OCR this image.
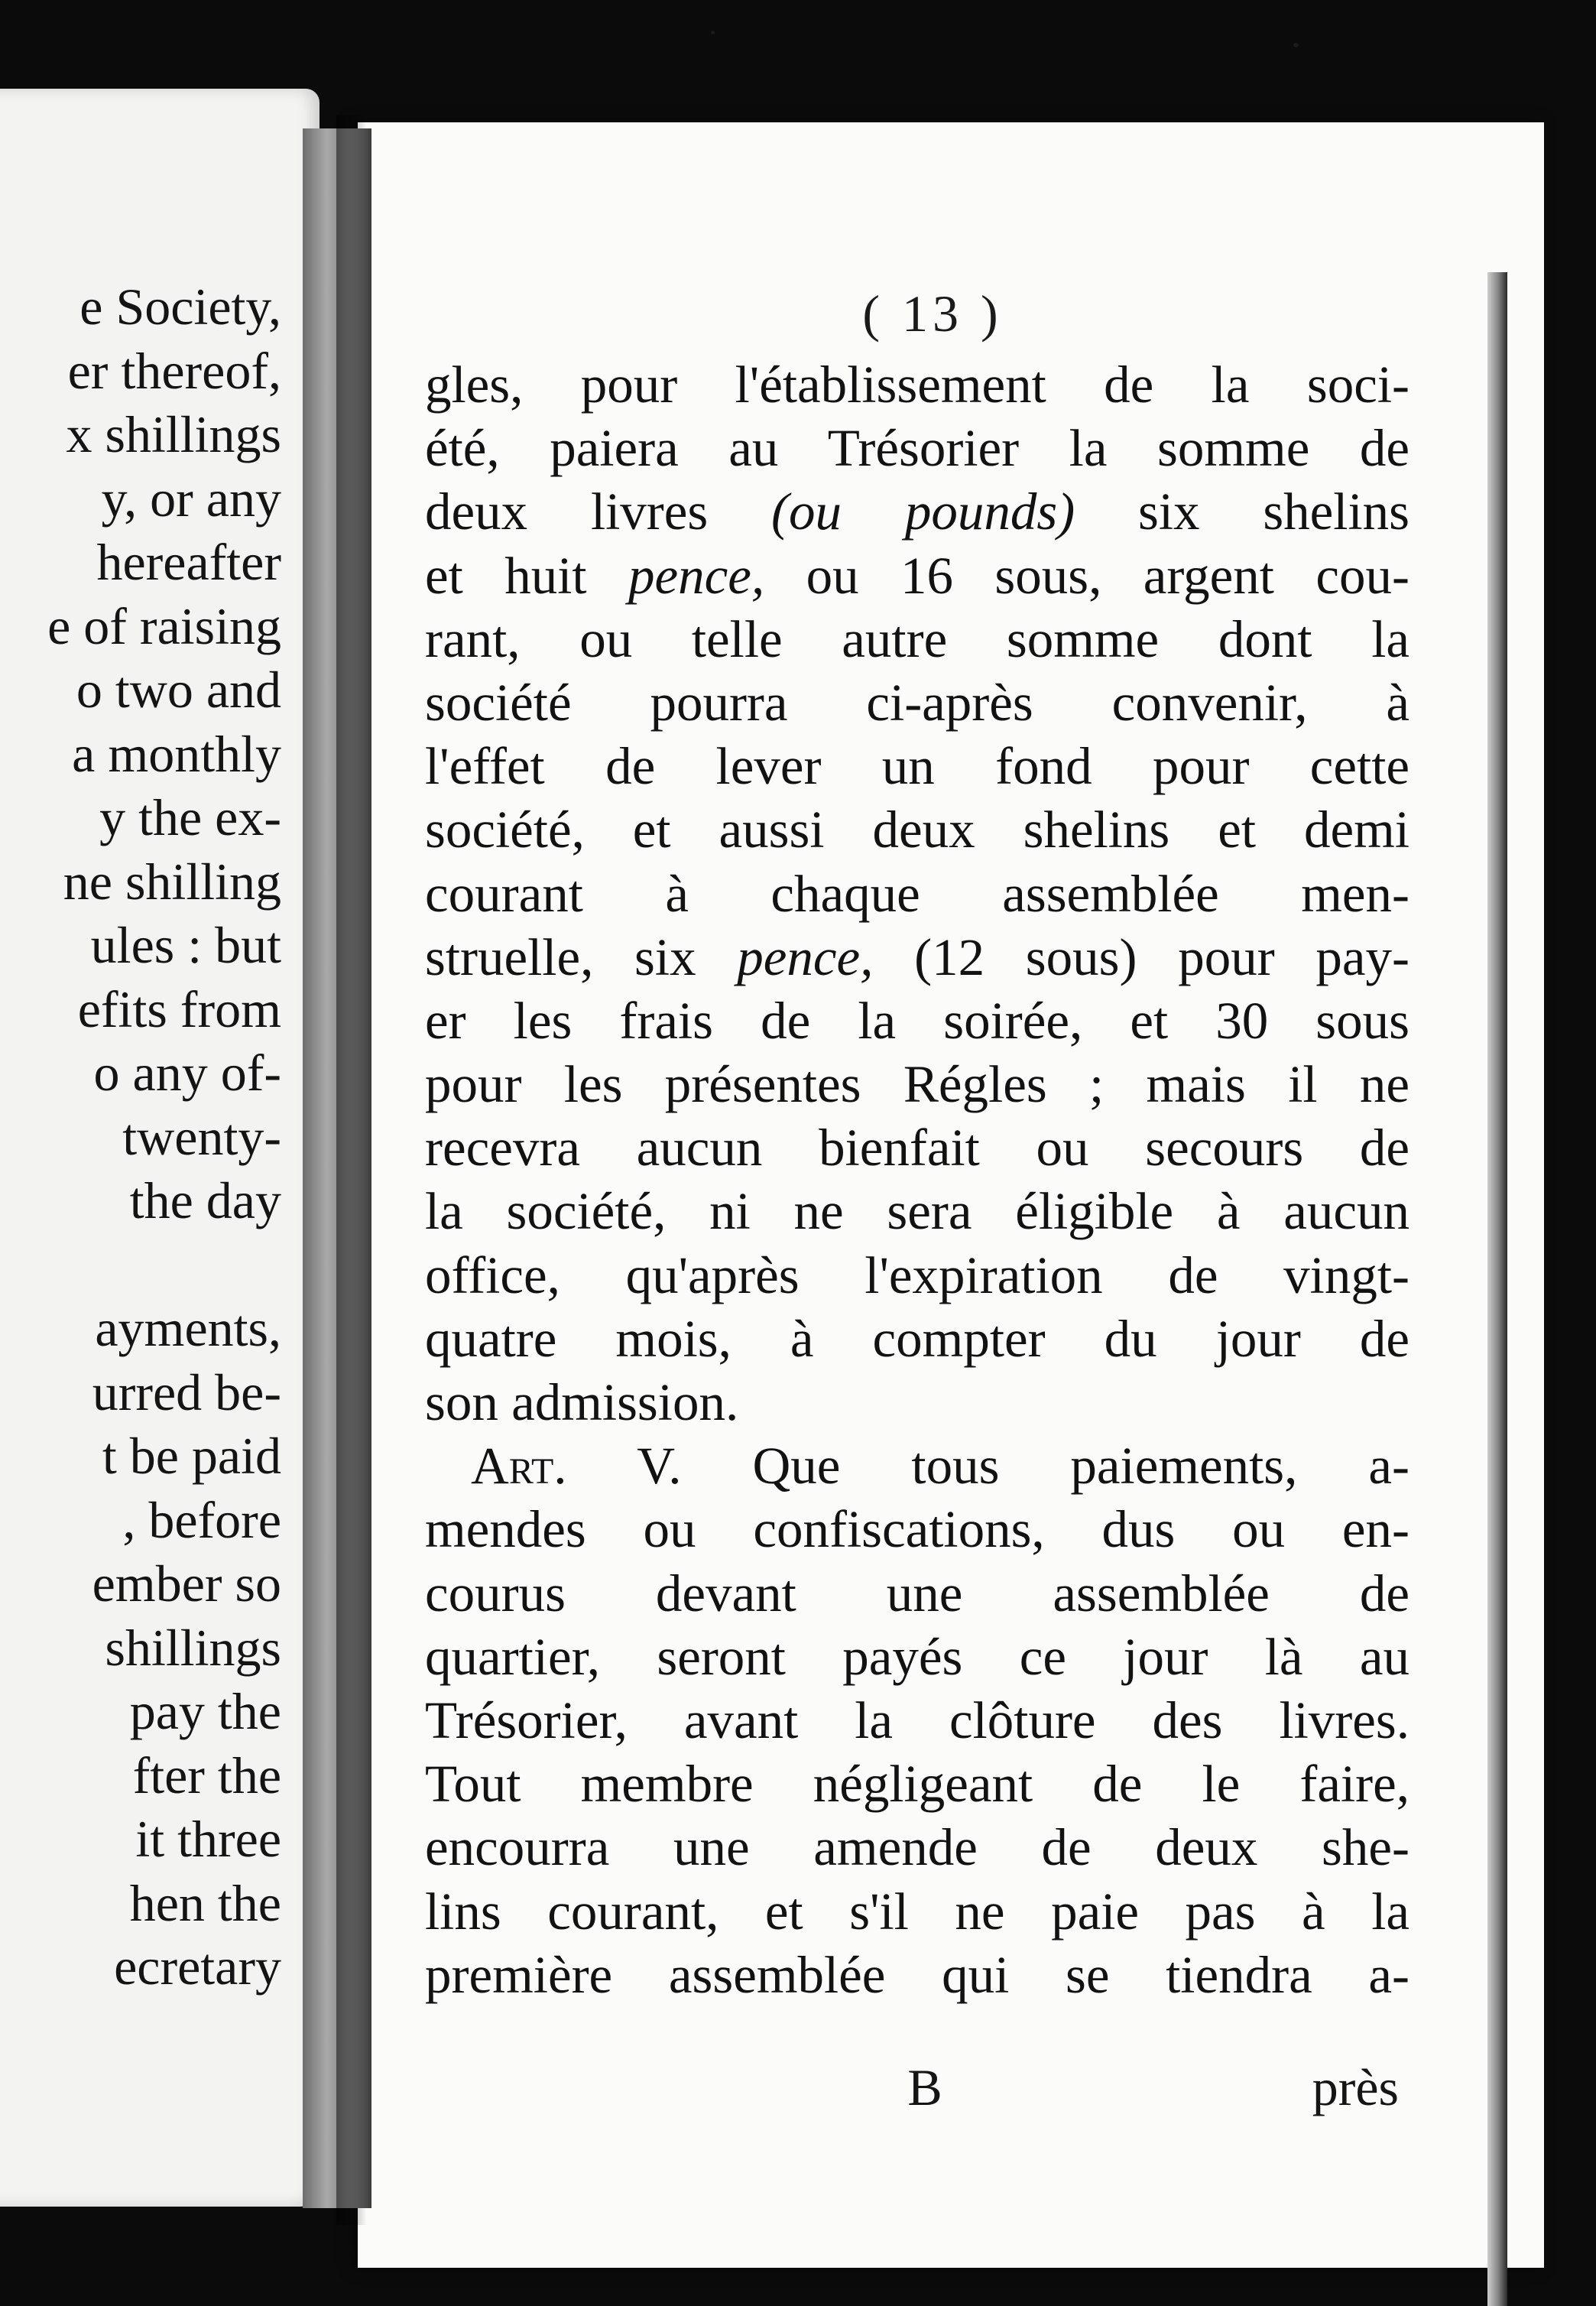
e Society,
er thereof,
x shillings
y, or any
hereafter
e of raising
o two and
a monthly
y the ex-
ne shilling
ules : but
efits from
o any of-
twenty-
the day
ayments,
urred be-
t be paid
, before
ember so
shillings
pay the
fter the
it three
hen the
ecretary
( 13 )
gles, pour l'établissement de la soci-
été, paiera au Trésorier la somme de
deux livres (ou pounds) six shelins
et huit pence, ou 16 sous, argent cou-
rant, ou telle autre somme dont la
société pourra ci-après convenir, à
l'effet de lever un fond pour cette
société, et aussi deux shelins et demi
courant à chaque assemblée men-
struelle, six pence, (12 sous) pour pay-
er les frais de la soirée, et 30 sous
pour les présentes Régles ; mais il ne
recevra aucun bienfait ou secours de
la société, ni ne sera éligible à aucun
office, qu'après l'expiration de vingt-
quatre mois, à compter du jour de
son admission.
Art. V. Que tous paiements, a-
mendes ou confiscations, dus ou en-
courus devant une assemblée de
quartier, seront payés ce jour là au
Trésorier, avant la clôture des livres.
Tout membre négligeant de le faire,
encourra une amende de deux she-
lins courant, et s'il ne paie pas à la
première assemblée qui se tiendra a-
B	près
